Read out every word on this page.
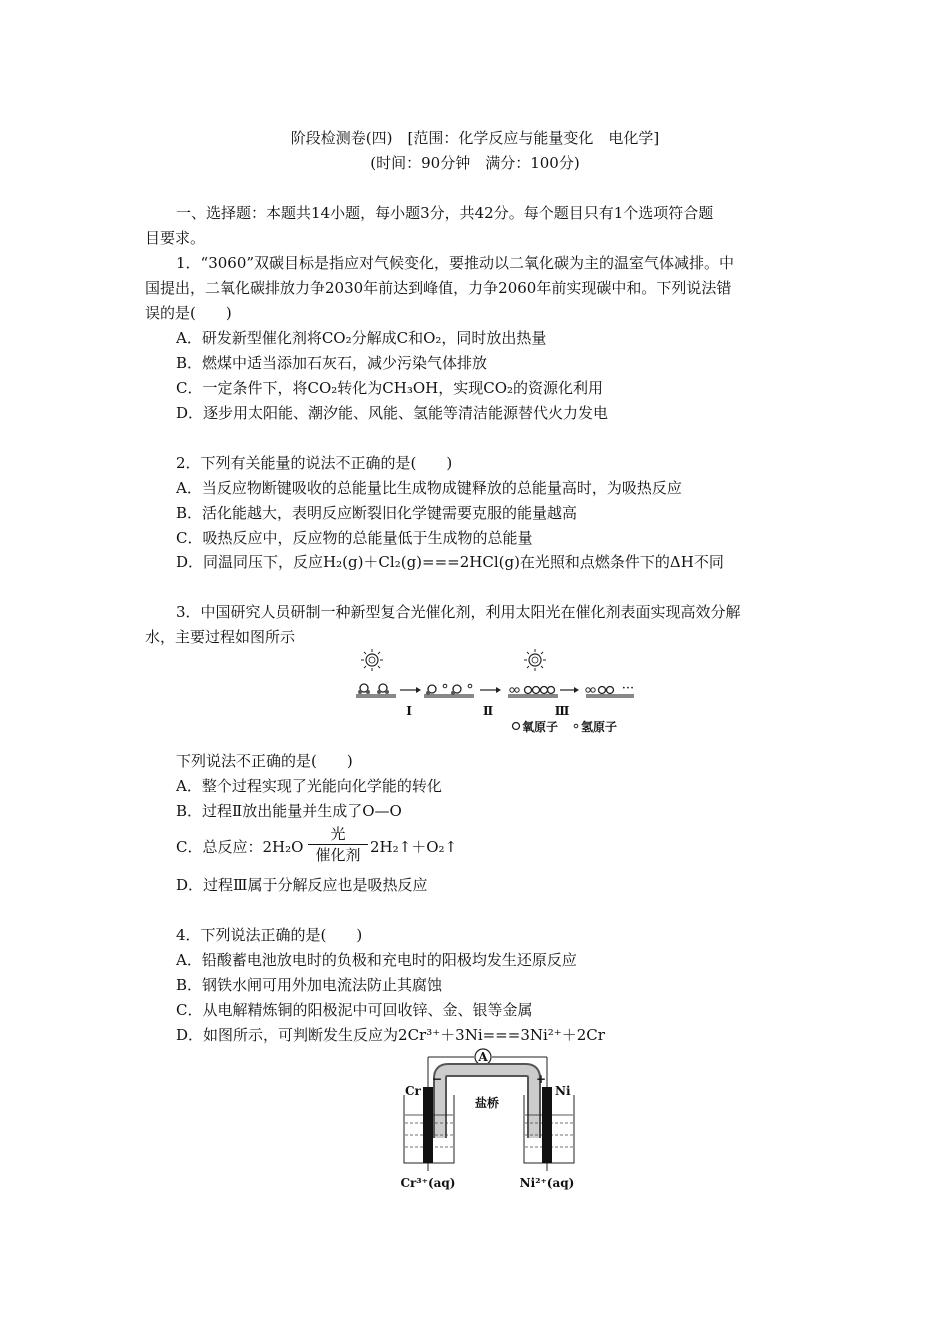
阶段检测卷(四)　[范围：化学反应与能量变化　电化学]
(时间：90分钟　满分：100分)
一、选择题：本题共14小题，每小题3分，共42分。每个题目只有1个选项符合题
目要求。
1．“3060”双碳目标是指应对气候变化，要推动以二氧化碳为主的温室气体减排。中
国提出，二氧化碳排放力争2030年前达到峰值，力争2060年前实现碳中和。下列说法错
误的是(　　)
A．研发新型催化剂将CO₂分解成C和O₂，同时放出热量
B．燃煤中适当添加石灰石，减少污染气体排放
C．一定条件下，将CO₂转化为CH₃OH，实现CO₂的资源化利用
D．逐步用太阳能、潮汐能、风能、氢能等清洁能源替代火力发电
2．下列有关能量的说法不正确的是(　　)
A．当反应物断键吸收的总能量比生成物成键释放的总能量高时，为吸热反应
B．活化能越大，表明反应断裂旧化学键需要克服的能量越高
C．吸热反应中，反应物的总能量低于生成物的总能量
D．同温同压下，反应H₂(g)＋Cl₂(g)===2HCl(g)在光照和点燃条件下的ΔH不同
3．中国研究人员研制一种新型复合光催化剂，利用太阳光在催化剂表面实现高效分解
水，主要过程如图所示
Ⅰ	Ⅱ	Ⅲ
···
氧原子 氢原子
下列说法不正确的是(　　)
A．整个过程实现了光能向化学能的转化
B．过程Ⅱ放出能量并生成了O—O
C．总反应：2H₂O
光
催化剂 2H₂↑＋O₂↑
D．过程Ⅲ属于分解反应也是吸热反应
4．下列说法正确的是(　　)
A．铅酸蓄电池放电时的负极和充电时的阳极均发生还原反应
B．钢铁水闸可用外加电流法防止其腐蚀
C．从电解精炼铜的阳极泥中可回收锌、金、银等金属
D．如图所示，可判断发生反应为2Cr³⁺＋3Ni===3Ni²⁺＋2Cr
A
盐桥
Cr	Ni
−	+
Cr³⁺(aq)	Ni²⁺(aq)
